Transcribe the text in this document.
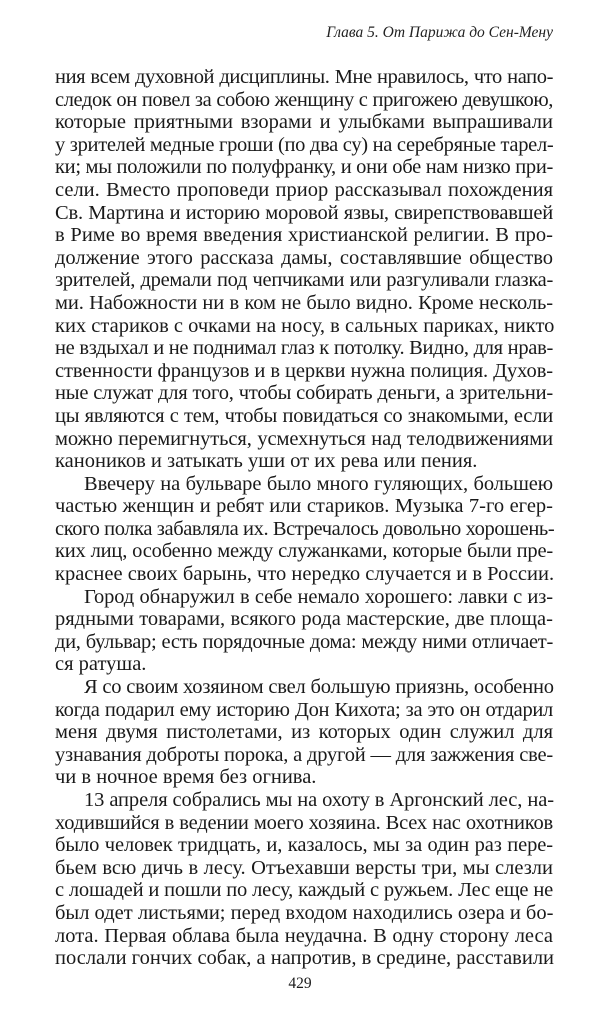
Глава 5. От Парижа до Сен-Мену
ния всем духовной дисциплины. Мне нравилось, что напо-
следок он повел за собою женщину с пригожею девушкою,
которые приятными взорами и улыбками выпрашивали
у зрителей медные гроши (по два су) на серебряные тарел-
ки; мы положили по полуфранку, и они обе нам низко при-
сели. Вместо проповеди приор рассказывал похождения
Св. Мартина и историю моровой язвы, свирепствовавшей
в Риме во время введения христианской религии. В про-
должение этого рассказа дамы, составлявшие общество
зрителей, дремали под чепчиками или разгуливали глазка-
ми. Набожности ни в ком не было видно. Кроме несколь-
ких стариков с очками на носу, в сальных париках, никто
не вздыхал и не поднимал глаз к потолку. Видно, для нрав-
ственности французов и в церкви нужна полиция. Духов-
ные служат для того, чтобы собирать деньги, а зрительни-
цы являются с тем, чтобы повидаться со знакомыми, если
можно перемигнуться, усмехнуться над телодвижениями
каноников и затыкать уши от их рева или пения.
Ввечеру на бульваре было много гуляющих, большею
частью женщин и ребят или стариков. Музыка 7-го егер-
ского полка забавляла их. Встречалось довольно хорошень-
ких лиц, особенно между служанками, которые были пре-
краснее своих барынь, что нередко случается и в России.
Город обнаружил в себе немало хорошего: лавки с из-
рядными товарами, всякого рода мастерские, две площа-
ди, бульвар; есть порядочные дома: между ними отличает-
ся ратуша.
Я со своим хозяином свел большую приязнь, особенно
когда подарил ему историю Дон Кихота; за это он отдарил
меня двумя пистолетами, из которых один служил для
узнавания доброты порока, а другой — для зажжения све-
чи в ночное время без огнива.
13 апреля собрались мы на охоту в Аргонский лес, на-
ходившийся в ведении моего хозяина. Всех нас охотников
было человек тридцать, и, казалось, мы за один раз пере-
бьем всю дичь в лесу. Отъехавши версты три, мы слезли
с лошадей и пошли по лесу, каждый с ружьем. Лес еще не
был одет листьями; перед входом находились озера и бо-
лота. Первая облава была неудачна. В одну сторону леса
послали гончих собак, а напротив, в средине, расставили
429
